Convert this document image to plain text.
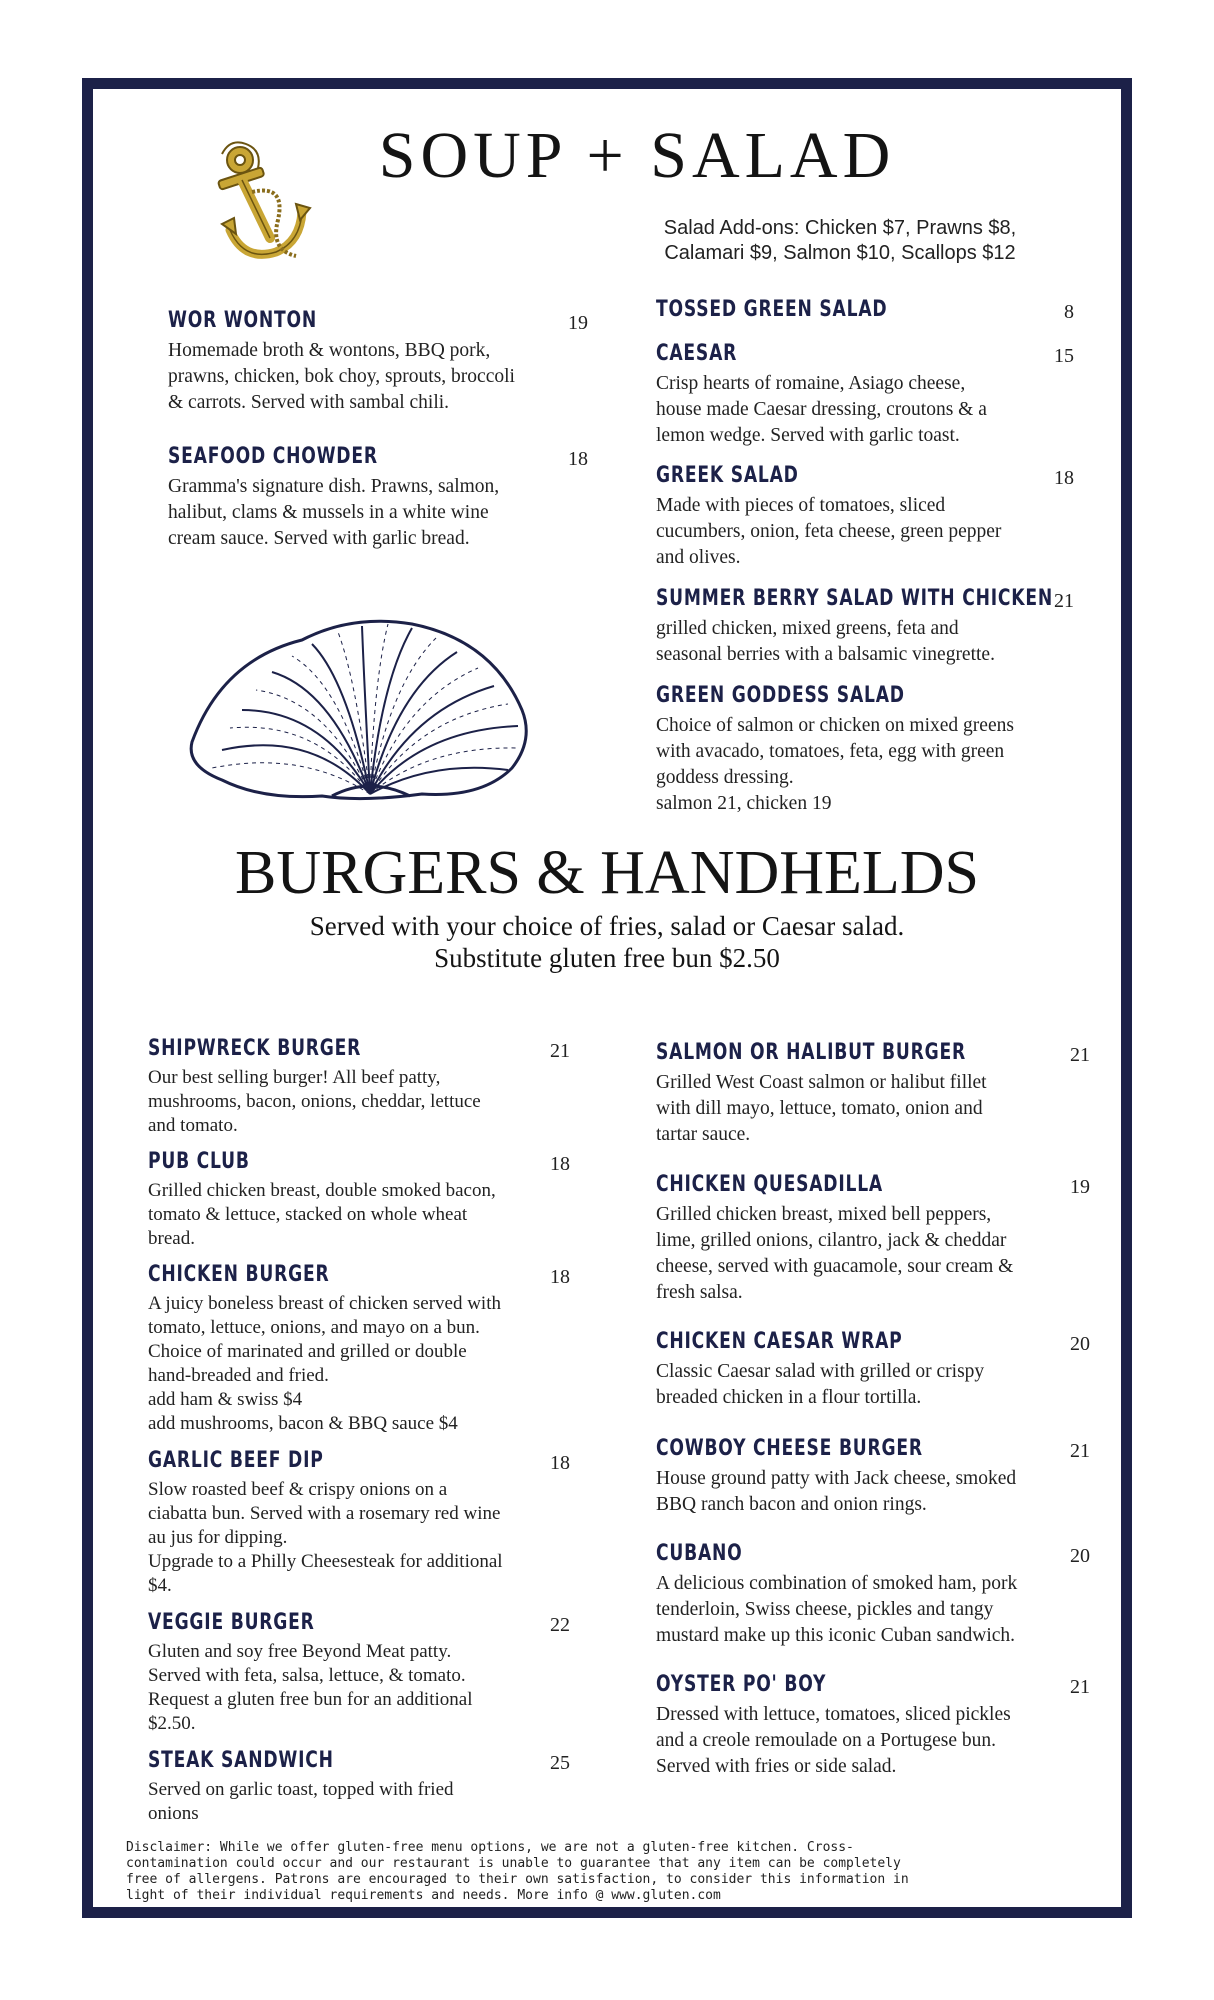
SOUP + SALAD
Salad Add-ons: Chicken $7, Prawns $8,
Calamari $9, Salmon $10, Scallops $12
WOR WONTON	19
Homemade broth & wontons, BBQ pork,
prawns, chicken, bok choy, sprouts, broccoli
& carrots. Served with sambal chili.
SEAFOOD CHOWDER	18
Gramma's signature dish. Prawns, salmon,
halibut, clams & mussels in a white wine
cream sauce. Served with garlic bread.
TOSSED GREEN SALAD	8
CAESAR	15
Crisp hearts of romaine, Asiago cheese,
house made Caesar dressing, croutons & a
lemon wedge. Served with garlic toast.
GREEK SALAD	18
Made with pieces of tomatoes, sliced
cucumbers, onion, feta cheese, green pepper
and olives.
SUMMER BERRY SALAD WITH CHICKEN 21
grilled chicken, mixed greens, feta and
seasonal berries with a balsamic vinegrette.
GREEN GODDESS SALAD
Choice of salmon or chicken on mixed greens
with avacado, tomatoes, feta, egg with green
goddess dressing.
salmon 21, chicken 19
BURGERS & HANDHELDS
Served with your choice of fries, salad or Caesar salad.
Substitute gluten free bun $2.50
SHIPWRECK BURGER	21
Our best selling burger! All beef patty,
mushrooms, bacon, onions, cheddar, lettuce
and tomato.
PUB CLUB	18
Grilled chicken breast, double smoked bacon,
tomato & lettuce, stacked on whole wheat
bread.
CHICKEN BURGER	18
A juicy boneless breast of chicken served with
tomato, lettuce, onions, and mayo on a bun.
Choice of marinated and grilled or double
hand-breaded and fried.
add ham & swiss $4
add mushrooms, bacon & BBQ sauce $4
GARLIC BEEF DIP	18
Slow roasted beef & crispy onions on a
ciabatta bun. Served with a rosemary red wine
au jus for dipping.
Upgrade to a Philly Cheesesteak for additional
$4.
VEGGIE BURGER	22
Gluten and soy free Beyond Meat patty.
Served with feta, salsa, lettuce, & tomato.
Request a gluten free bun for an additional
$2.50.
STEAK SANDWICH	25
Served on garlic toast, topped with fried
onions
SALMON OR HALIBUT BURGER	21
Grilled West Coast salmon or halibut fillet
with dill mayo, lettuce, tomato, onion and
tartar sauce.
CHICKEN QUESADILLA	19
Grilled chicken breast, mixed bell peppers,
lime, grilled onions, cilantro, jack & cheddar
cheese, served with guacamole, sour cream &
fresh salsa.
CHICKEN CAESAR WRAP	20
Classic Caesar salad with grilled or crispy
breaded chicken in a flour tortilla.
COWBOY CHEESE BURGER	21
House ground patty with Jack cheese, smoked
BBQ ranch bacon and onion rings.
CUBANO	20
A delicious combination of smoked ham, pork
tenderloin, Swiss cheese, pickles and tangy
mustard make up this iconic Cuban sandwich.
OYSTER PO' BOY	21
Dressed with lettuce, tomatoes, sliced pickles
and a creole remoulade on a Portugese bun.
Served with fries or side salad.
Disclaimer: While we offer gluten-free menu options, we are not a gluten-free kitchen. Cross-
contamination could occur and our restaurant is unable to guarantee that any item can be completely
free of allergens. Patrons are encouraged to their own satisfaction, to consider this information in
light of their individual requirements and needs. More info @ www.gluten.com
